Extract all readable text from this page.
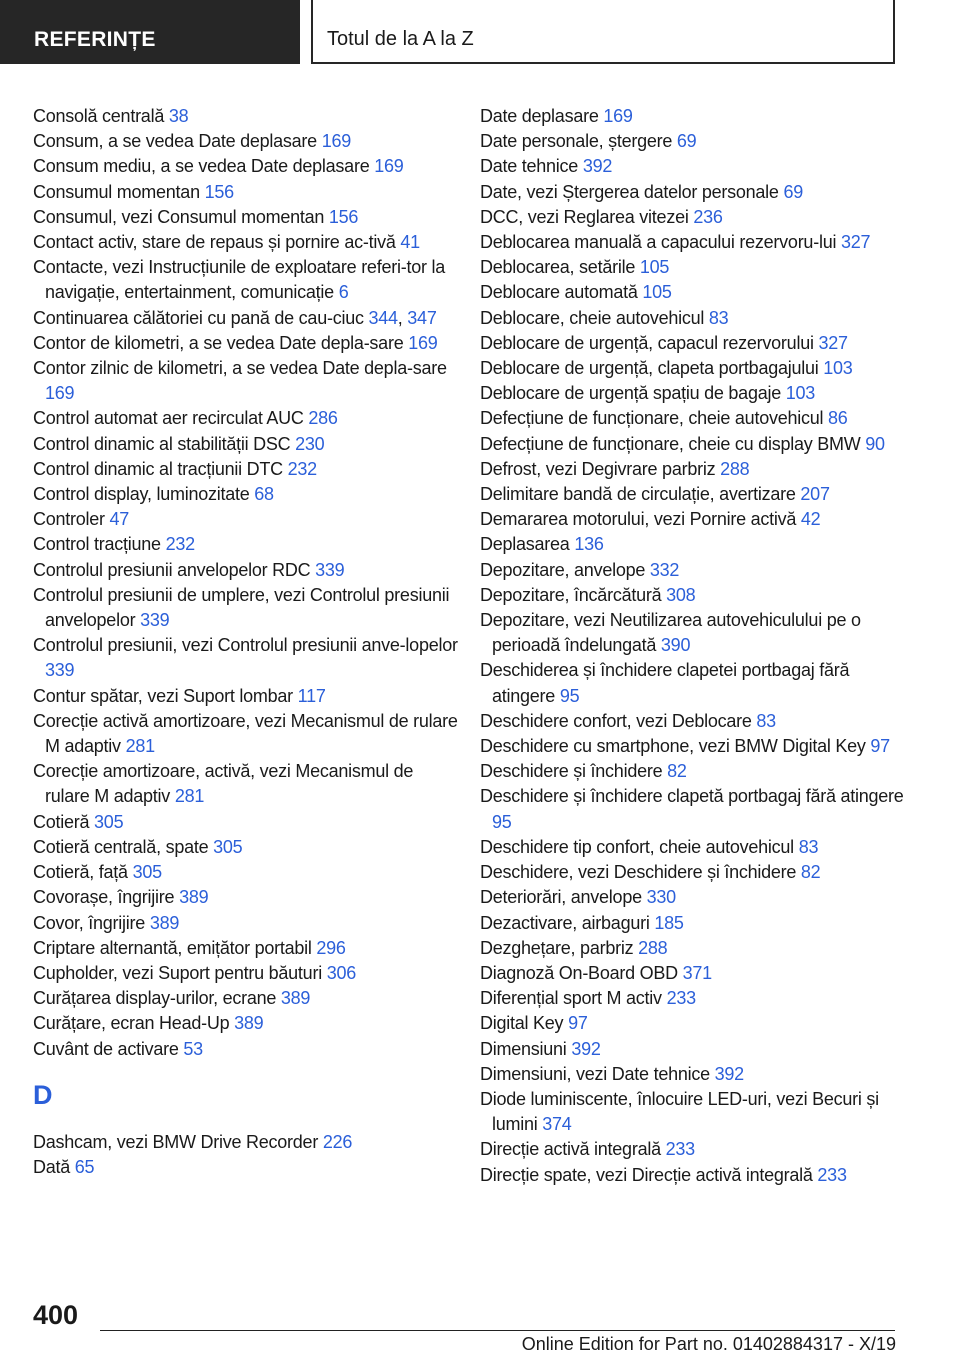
REFERINȚE	Totul de la A la Z
Consolă centrală 38
Consum, a se vedea Date deplasare 169
Consum mediu, a se vedea Date deplasare 169
Consumul momentan 156
Consumul, vezi Consumul momentan 156
Contact activ, stare de repaus și pornire ac-tivă 41
Contacte, vezi Instrucțiunile de exploatare referi-tor la navigație, entertainment, comunicație 6
Continuarea călătoriei cu pană de cau-ciuc 344, 347
Contor de kilometri, a se vedea Date depla-sare 169
Contor zilnic de kilometri, a se vedea Date depla-sare 169
Control automat aer recirculat AUC 286
Control dinamic al stabilității DSC 230
Control dinamic al tracțiunii DTC 232
Control display, luminozitate 68
Controler 47
Control tracțiune 232
Controlul presiunii anvelopelor RDC 339
Controlul presiunii de umplere, vezi Controlul presiunii anvelopelor 339
Controlul presiunii, vezi Controlul presiunii anve-lopelor 339
Contur spătar, vezi Suport lombar 117
Corecție activă amortizoare, vezi Mecanismul de rulare M adaptiv 281
Corecție amortizoare, activă, vezi Mecanismul de rulare M adaptiv 281
Cotieră 305
Cotieră centrală, spate 305
Cotieră, față 305
Covorașe, îngrijire 389
Covor, îngrijire 389
Criptare alternantă, emițător portabil 296
Cupholder, vezi Suport pentru băuturi 306
Curățarea display-urilor, ecrane 389
Curățare, ecran Head-Up 389
Cuvânt de activare 53
D
Dashcam, vezi BMW Drive Recorder 226
Dată 65
Date deplasare 169
Date personale, ștergere 69
Date tehnice 392
Date, vezi Ștergerea datelor personale 69
DCC, vezi Reglarea vitezei 236
Deblocarea manuală a capacului rezervoru-lui 327
Deblocarea, setările 105
Deblocare automată 105
Deblocare, cheie autovehicul 83
Deblocare de urgență, capacul rezervorului 327
Deblocare de urgență, clapeta portbagajului 103
Deblocare de urgență spațiu de bagaje 103
Defecțiune de funcționare, cheie autovehicul 86
Defecțiune de funcționare, cheie cu display BMW 90
Defrost, vezi Degivrare parbriz 288
Delimitare bandă de circulație, avertizare 207
Demararea motorului, vezi Pornire activă 42
Deplasarea 136
Depozitare, anvelope 332
Depozitare, încărcătură 308
Depozitare, vezi Neutilizarea autovehiculului pe o perioadă îndelungată 390
Deschiderea și închidere clapetei portbagaj fără atingere 95
Deschidere confort, vezi Deblocare 83
Deschidere cu smartphone, vezi BMW Digital Key 97
Deschidere și închidere 82
Deschidere și închidere clapetă portbagaj fără atingere 95
Deschidere tip confort, cheie autovehicul 83
Deschidere, vezi Deschidere și închidere 82
Deteriorări, anvelope 330
Dezactivare, airbaguri 185
Dezghețare, parbriz 288
Diagnoză On-Board OBD 371
Diferențial sport M activ 233
Digital Key 97
Dimensiuni 392
Dimensiuni, vezi Date tehnice 392
Diode luminiscente, înlocuire LED-uri, vezi Becuri și lumini 374
Direcție activă integrală 233
Direcție spate, vezi Direcție activă integrală 233
400
Online Edition for Part no. 01402884317 - X/19
